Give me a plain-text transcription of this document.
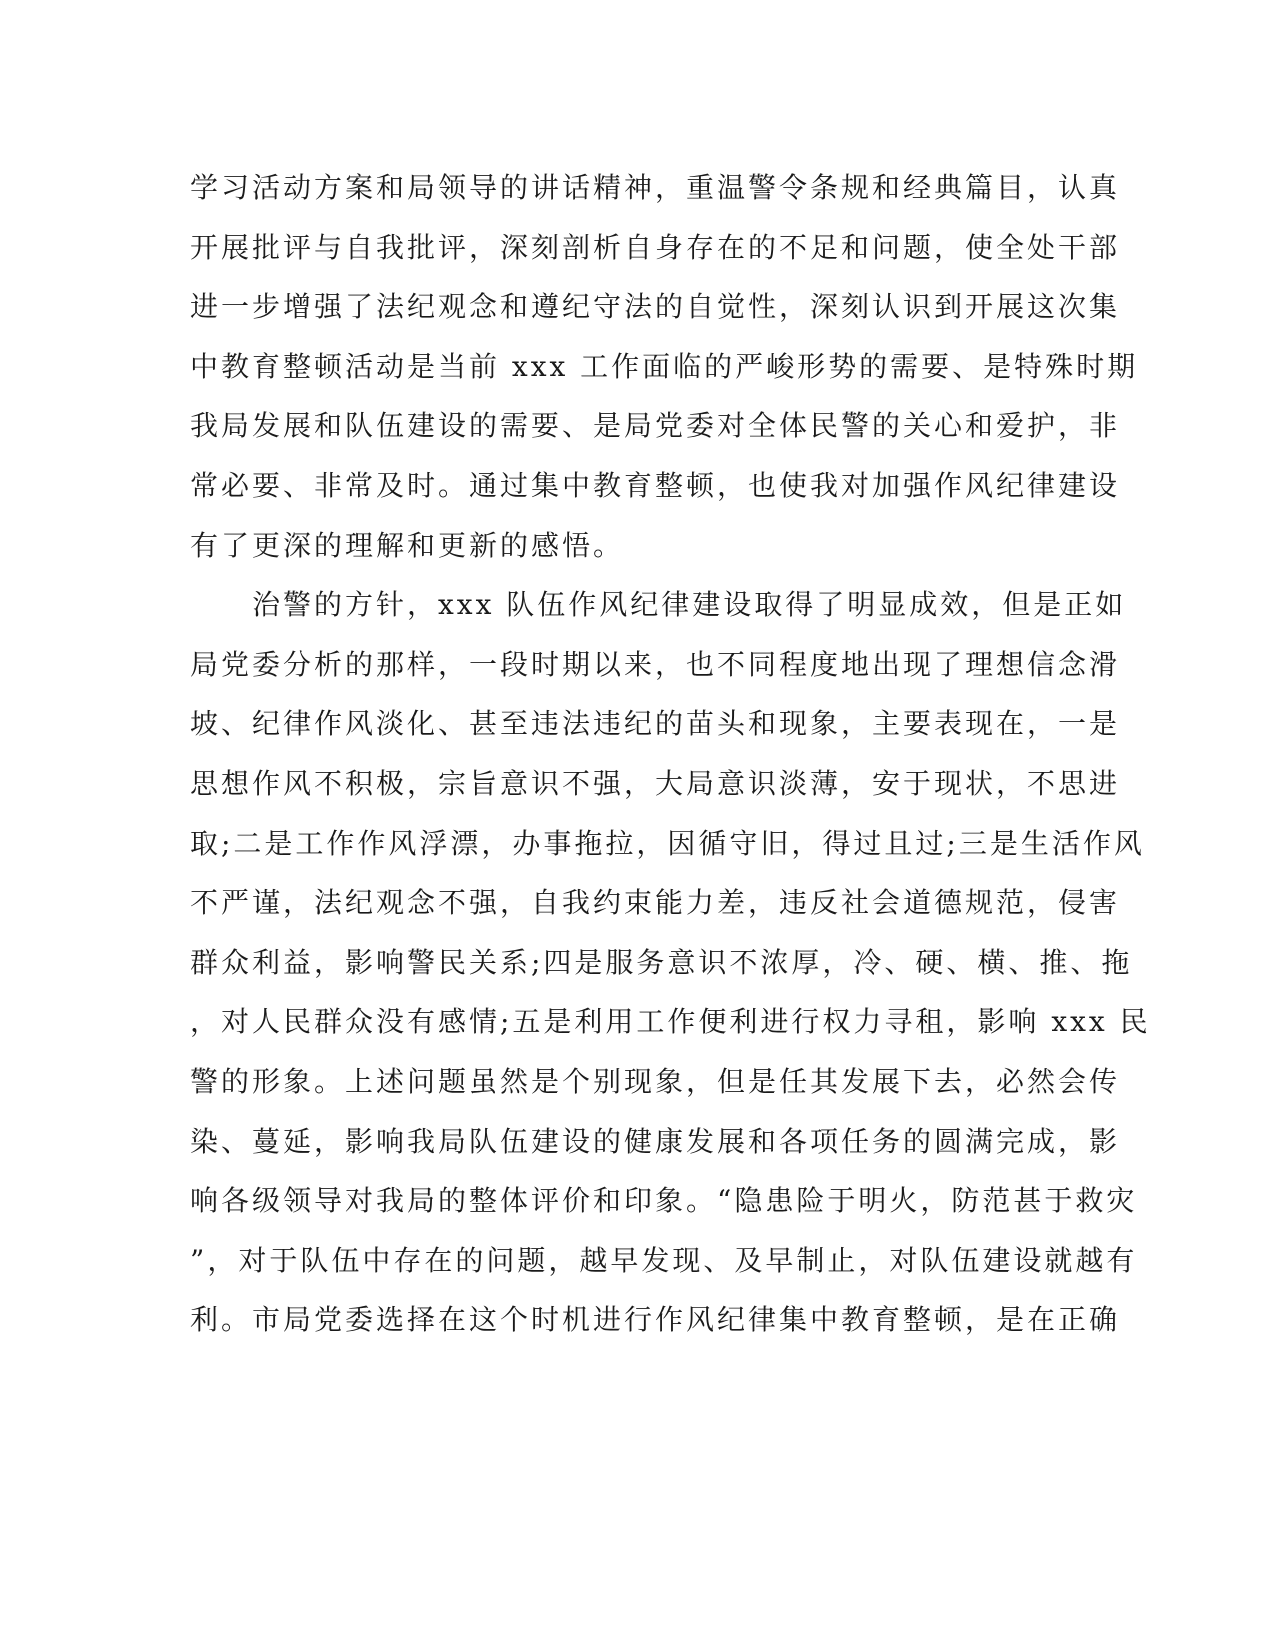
学习活动方案和局领导的讲话精神，重温警令条规和经典篇目，认真
开展批评与自我批评，深刻剖析自身存在的不足和问题，使全处干部
进一步增强了法纪观念和遵纪守法的自觉性，深刻认识到开展这次集
中教育整顿活动是当前 xxx 工作面临的严峻形势的需要、是特殊时期
我局发展和队伍建设的需要、是局党委对全体民警的关心和爱护，非
常必要、非常及时。通过集中教育整顿，也使我对加强作风纪律建设
有了更深的理解和更新的感悟。
　　治警的方针，xxx 队伍作风纪律建设取得了明显成效，但是正如
局党委分析的那样，一段时期以来，也不同程度地出现了理想信念滑
坡、纪律作风淡化、甚至违法违纪的苗头和现象，主要表现在，一是
思想作风不积极，宗旨意识不强，大局意识淡薄，安于现状，不思进
取;二是工作作风浮漂，办事拖拉，因循守旧，得过且过;三是生活作风
不严谨，法纪观念不强，自我约束能力差，违反社会道德规范，侵害
群众利益，影响警民关系;四是服务意识不浓厚，冷、硬、横、推、拖
，对人民群众没有感情;五是利用工作便利进行权力寻租，影响 xxx 民
警的形象。上述问题虽然是个别现象，但是任其发展下去，必然会传
染、蔓延，影响我局队伍建设的健康发展和各项任务的圆满完成，影
响各级领导对我局的整体评价和印象。“隐患险于明火，防范甚于救灾
”，对于队伍中存在的问题，越早发现、及早制止，对队伍建设就越有
利。市局党委选择在这个时机进行作风纪律集中教育整顿，是在正确
